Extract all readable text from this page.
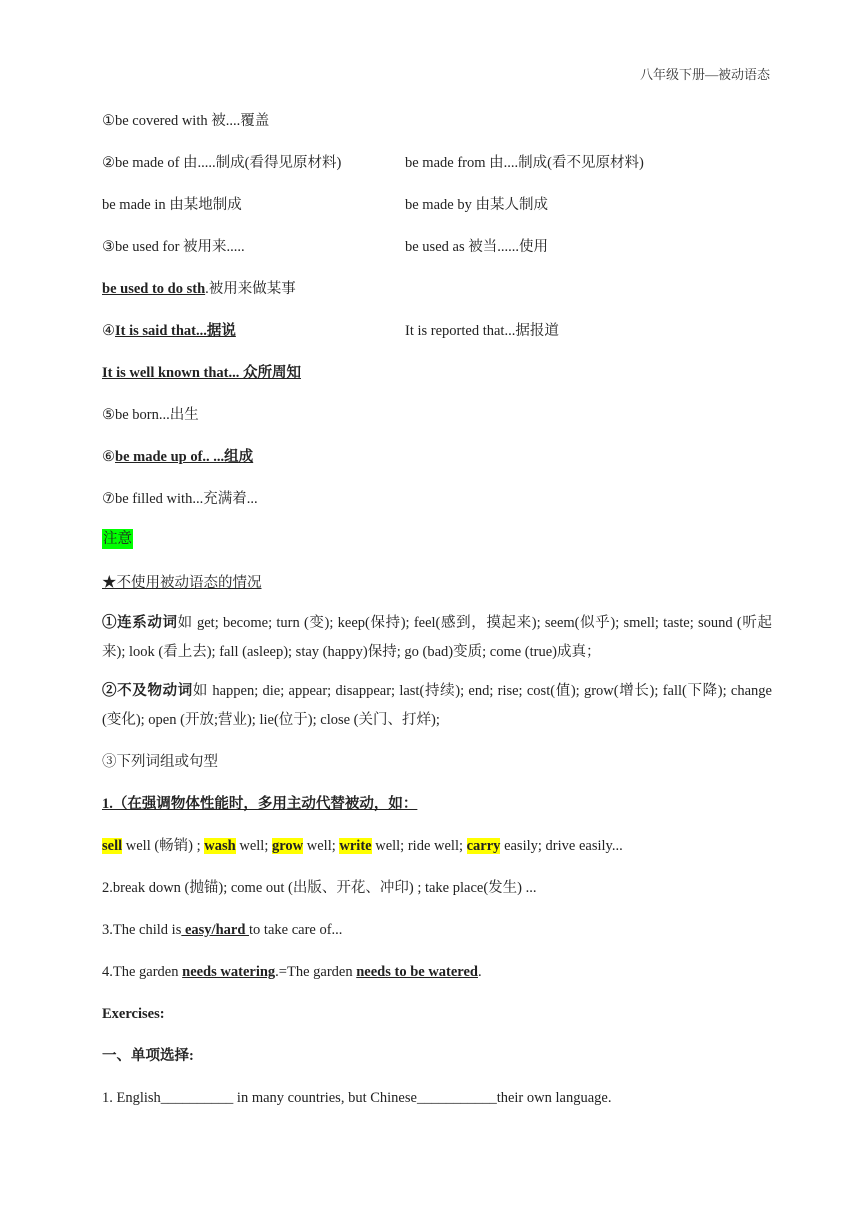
八年级下册—被动语态
①be covered with 被....覆盖
②be made of 由.....制成(看得见原材料)	be made from 由....制成(看不见原材料)
be made in 由某地制成	be made by 由某人制成
③be used for 被用来.....	be used as 被当......使用
be used to do sth.被用来做某事
④It is said that...据说	It is reported that...据报道
It is well known that... 众所周知
⑤be born...出生
⑥be made up of.. ...组成
⑦be filled with...充满着...
注意
★不使用被动语态的情况
①连系动词如 get; become; turn (变); keep(保持); feel(感到，摸起来); seem(似乎); smell; taste; sound (听起来); look (看上去); fall (asleep); stay (happy)保持; go (bad)变质; come (true)成真；
②不及物动词如 happen; die; appear; disappear; last(持续); end; rise; cost(值); grow(增长); fall(下降); change (变化); open (开放;营业); lie(位于); close (关门、打烊);
③下列词组或句型
1.（在强调物体性能时，多用主动代替被动，如：
sell well (畅销) ; wash well; grow well; write well; ride well; carry easily; drive easily...
2.break down (抛锚); come out (出版、开花、冲印) ; take place(发生) ...
3.The child is easy/hard to take care of...
4.The garden needs watering.=The garden needs to be watered.
Exercises:
一、单项选择:
1. English__________ in many countries, but Chinese___________their own language.
